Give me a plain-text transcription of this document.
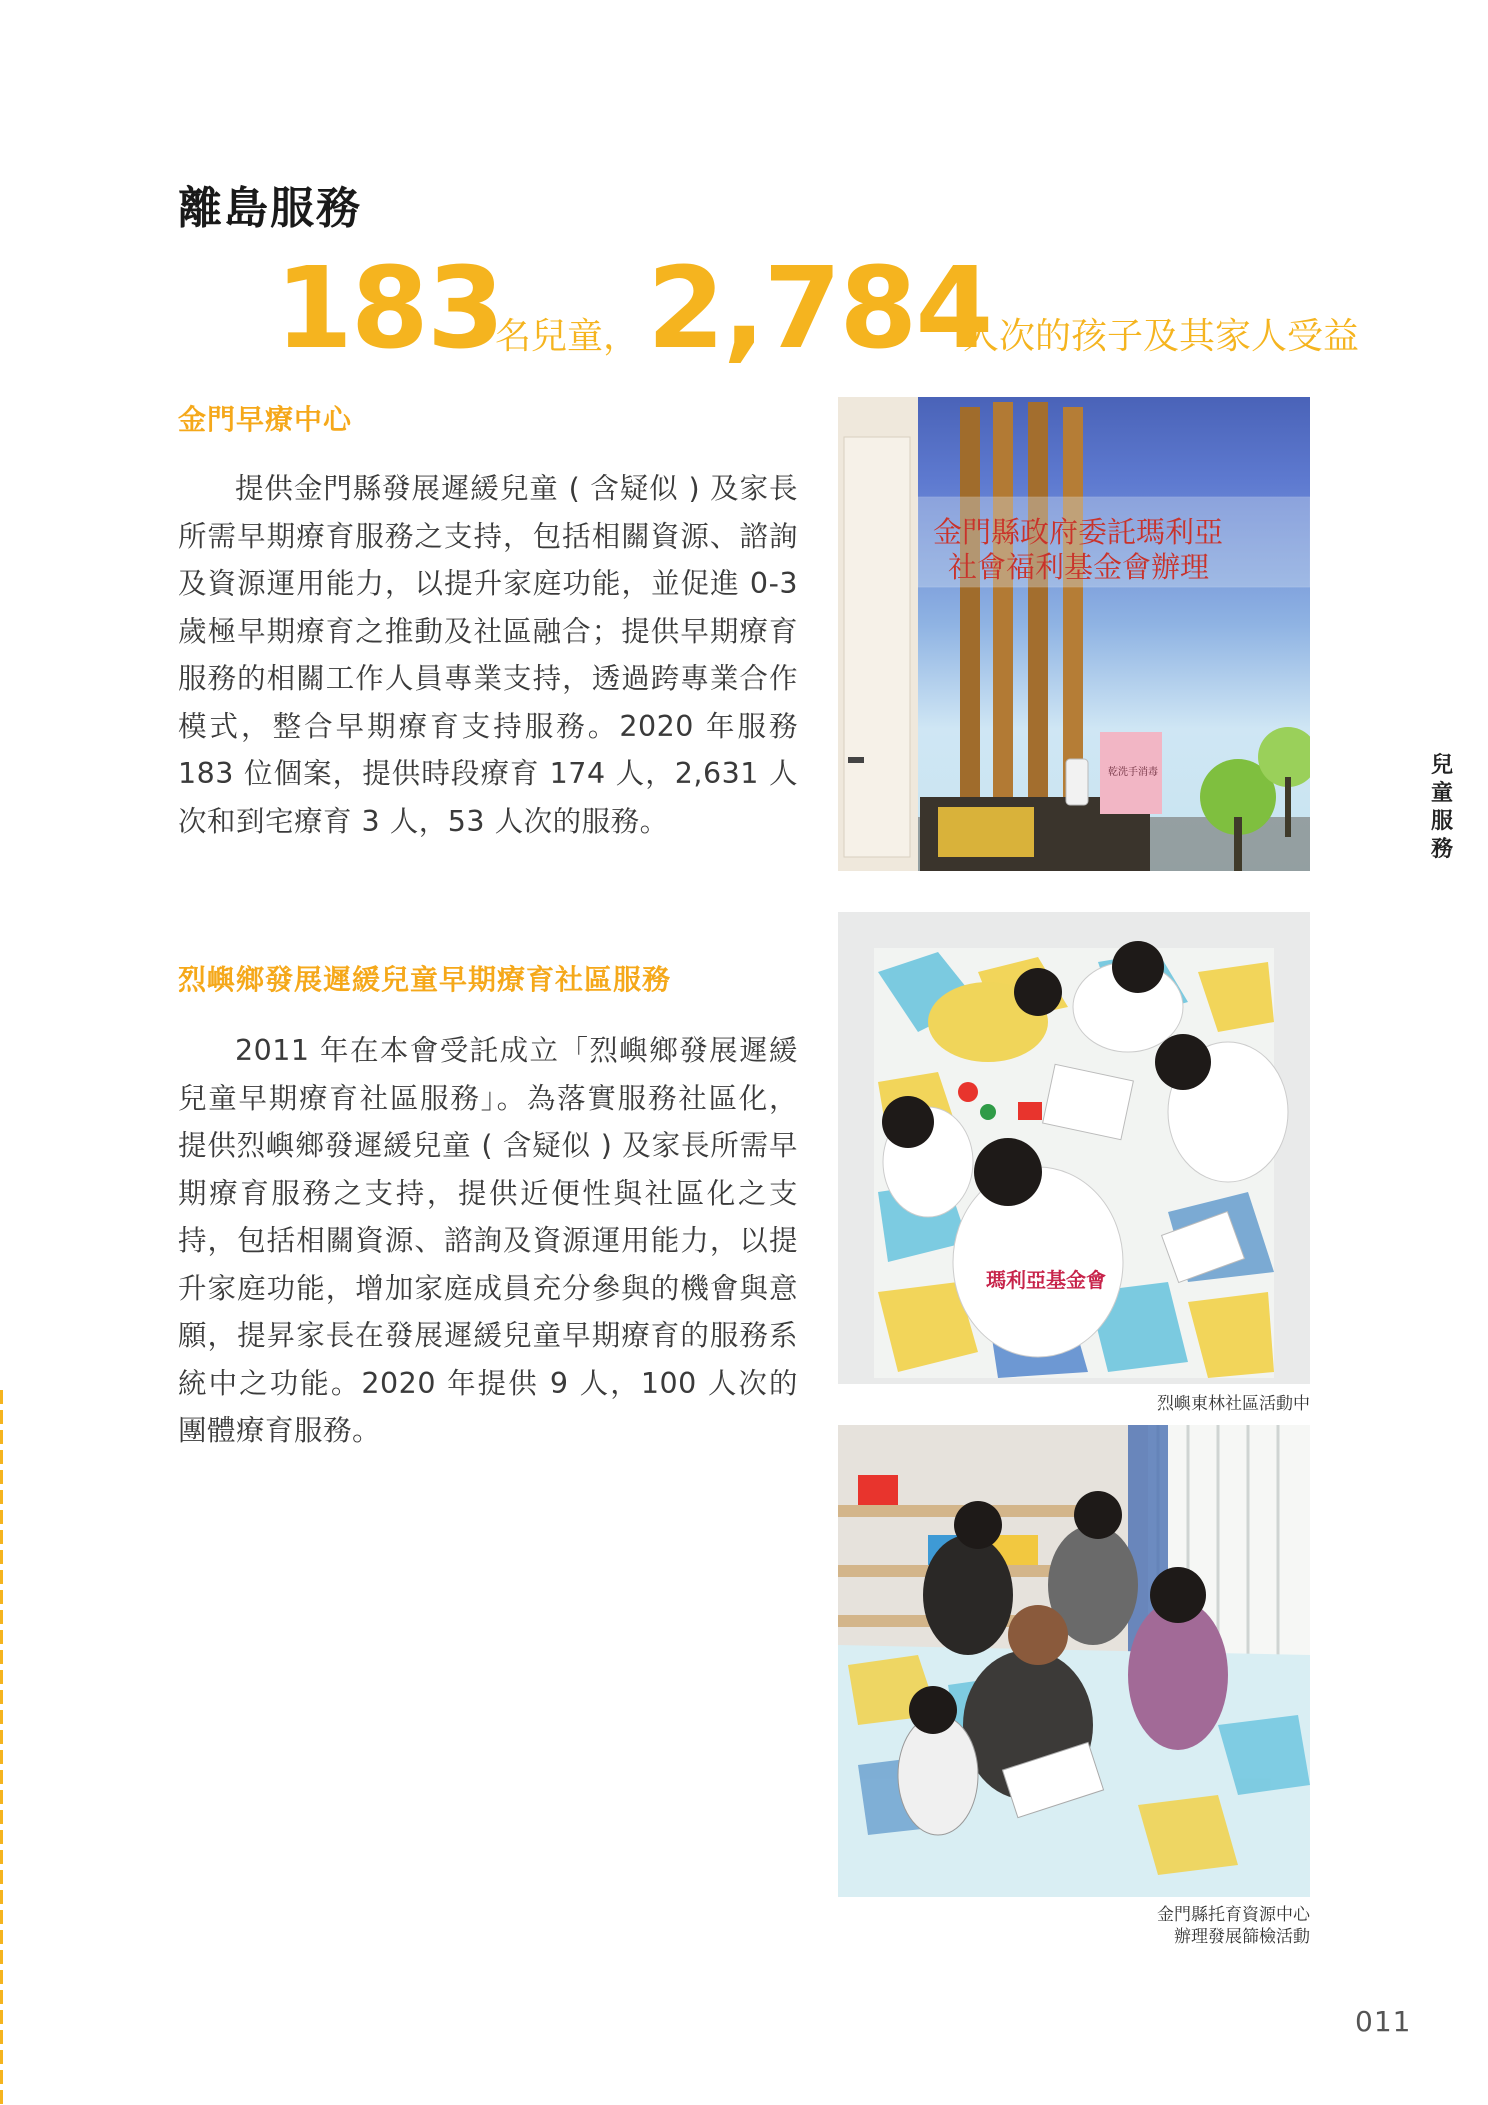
離島服務
183
名兒童， 2,784
人次的孩子及其家人受益
金門早療中心

提供金門縣發展遲緩兒童 ( 含疑似 ) 及家長所需早期療育服務之支持，包括相關資源、諮詢及資源運用能力，以提升家庭功能，並促進 0-3 歲極早期療育之推動及社區融合；提供早期療育服務的相關工作人員專業支持，透過跨專業合作模式，整合早期療育支持服務。2020 年服務 183 位個案，提供時段療育 174 人，2,631 人次和到宅療育 3 人，53 人次的服務。

烈嶼鄉發展遲緩兒童早期療育社區服務

2011 年在本會受託成立「烈嶼鄉發展遲緩兒童早期療育社區服務」。為落實服務社區化，提供烈嶼鄉發遲緩兒童 ( 含疑似 ) 及家長所需早期療育服務之支持，提供近便性與社區化之支持，包括相關資源、諮詢及資源運用能力，以提升家庭功能，增加家庭成員充分參與的機會與意願，提昇家長在發展遲緩兒童早期療育的服務系統中之功能。2020 年提供 9 人，100 人次的團體療育服務。

金門縣政府委託瑪利亞
社會福利基金會辦理
乾洗手消毒
瑪利亞基金會
烈嶼東林社區活動中
金門縣托育資源中心
辦理發展篩檢活動
兒
童
服
務
011
